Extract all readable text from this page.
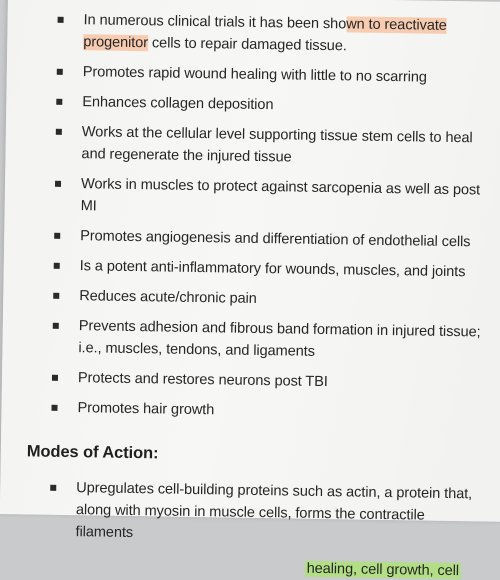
In numerous clinical trials it has been shown to reactivate progenitor cells to repair damaged tissue.
Promotes rapid wound healing with little to no scarring
Enhances collagen deposition
Works at the cellular level supporting tissue stem cells to heal and regenerate the injured tissue
Works in muscles to protect against sarcopenia as well as post MI
Promotes angiogenesis and differentiation of endothelial cells
Is a potent anti-inflammatory for wounds, muscles, and joints
Reduces acute/chronic pain
Prevents adhesion and fibrous band formation in injured tissue; i.e., muscles, tendons, and ligaments
Protects and restores neurons post TBI
Promotes hair growth
Modes of Action:
Upregulates cell-building proteins such as actin, a protein that, along with myosin in muscle cells, forms the contractile filaments
healing, cell growth, cell
